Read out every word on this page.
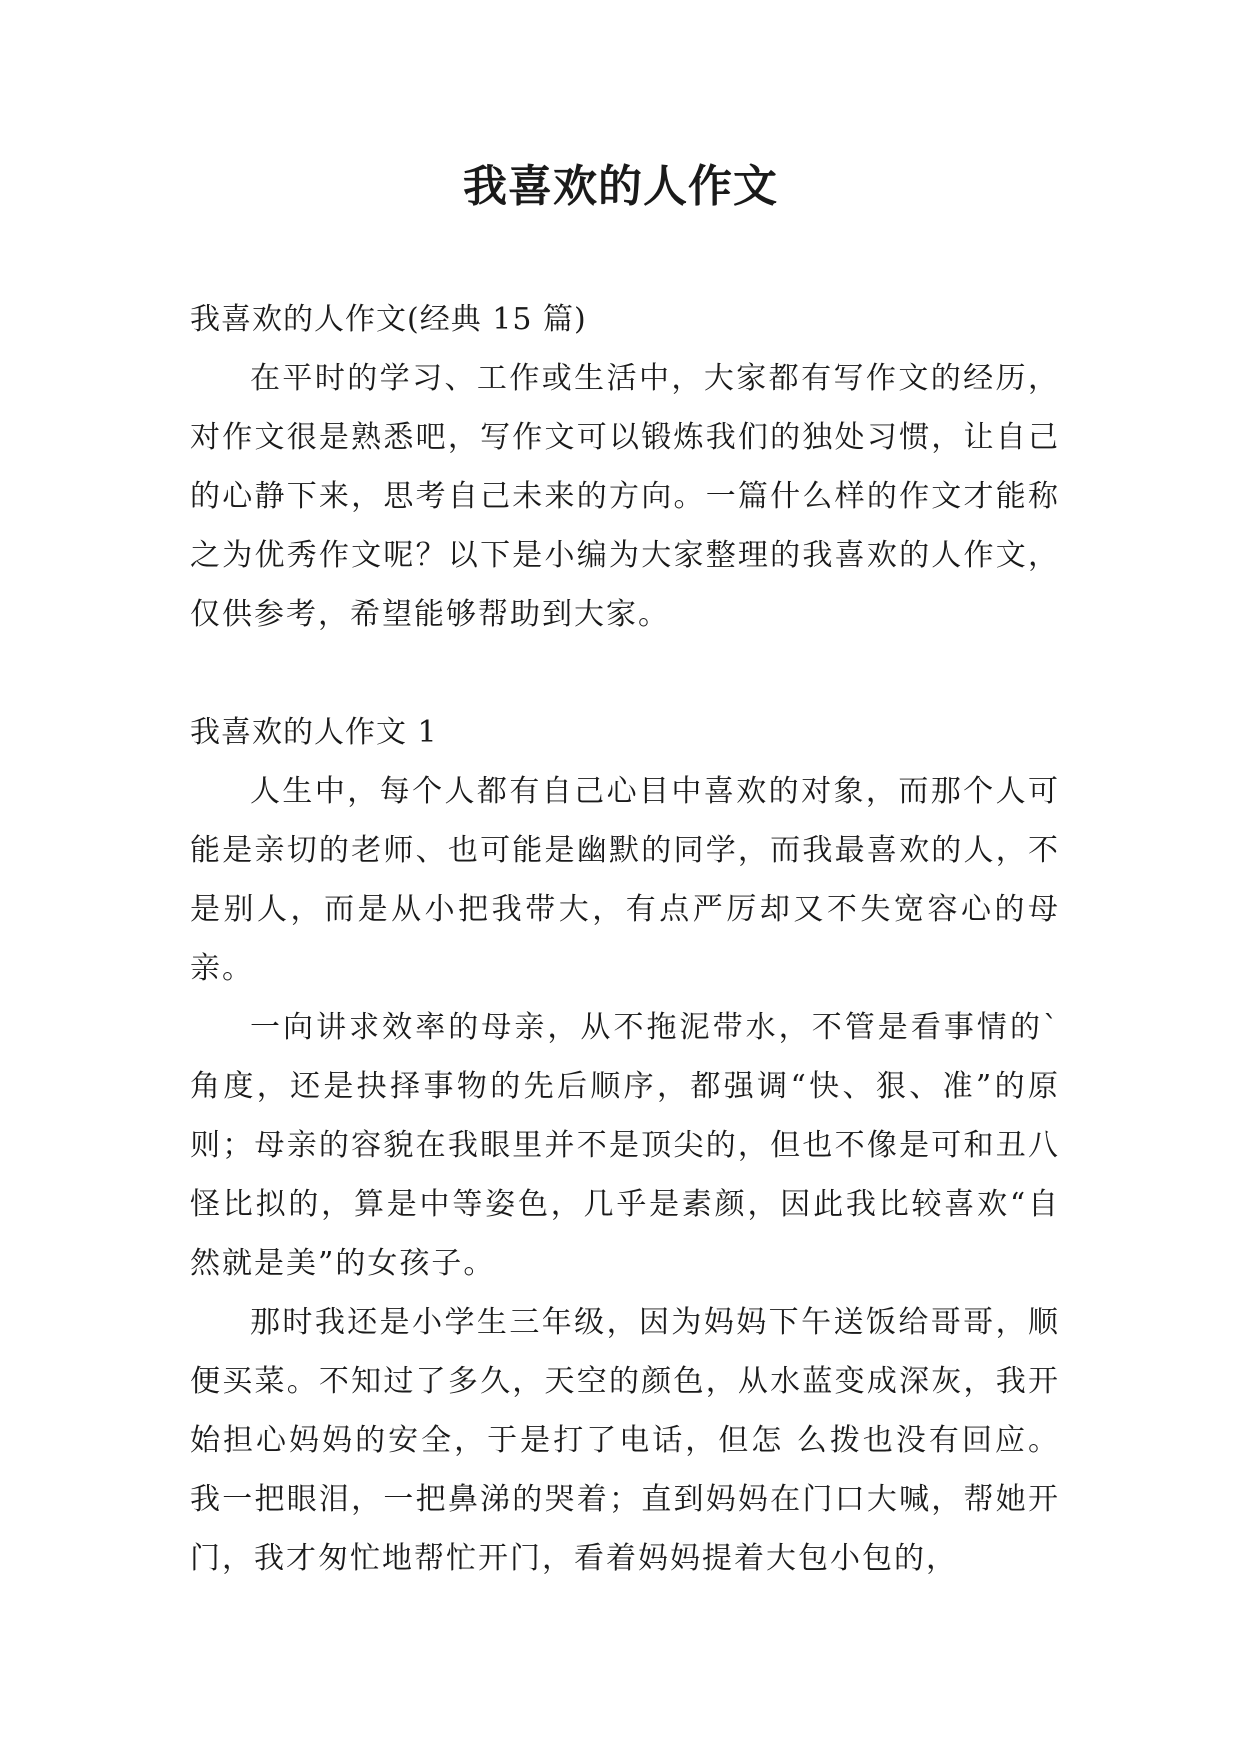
我喜欢的人作文

我喜欢的人作文(经典 15 篇)

在平时的学习、工作或生活中，大家都有写作文的经历，对作文很是熟悉吧，写作文可以锻炼我们的独处习惯，让自己的心静下来，思考自己未来的方向。一篇什么样的作文才能称之为优秀作文呢？以下是小编为大家整理的我喜欢的人作文，仅供参考，希望能够帮助到大家。

我喜欢的人作文 1

人生中，每个人都有自己心目中喜欢的对象，而那个人可能是亲切的老师、也可能是幽默的同学，而我最喜欢的人，不是别人，而是从小把我带大，有点严厉却又不失宽容心的母亲。

一向讲求效率的母亲，从不拖泥带水，不管是看事情的`角度，还是抉择事物的先后顺序，都强调“快、狠、准”的原则；母亲的容貌在我眼里并不是顶尖的，但也不像是可和丑八怪比拟的，算是中等姿色，几乎是素颜，因此我比较喜欢“自然就是美”的女孩子。

那时我还是小学生三年级，因为妈妈下午送饭给哥哥，顺便买菜。不知过了多久，天空的颜色，从水蓝变成深灰，我开始担心妈妈的安全，于是打了电话，但怎 么拨也没有回应。我一把眼泪，一把鼻涕的哭着；直到妈妈在门口大喊，帮她开门，我才匆忙地帮忙开门，看着妈妈提着大包小包的，
